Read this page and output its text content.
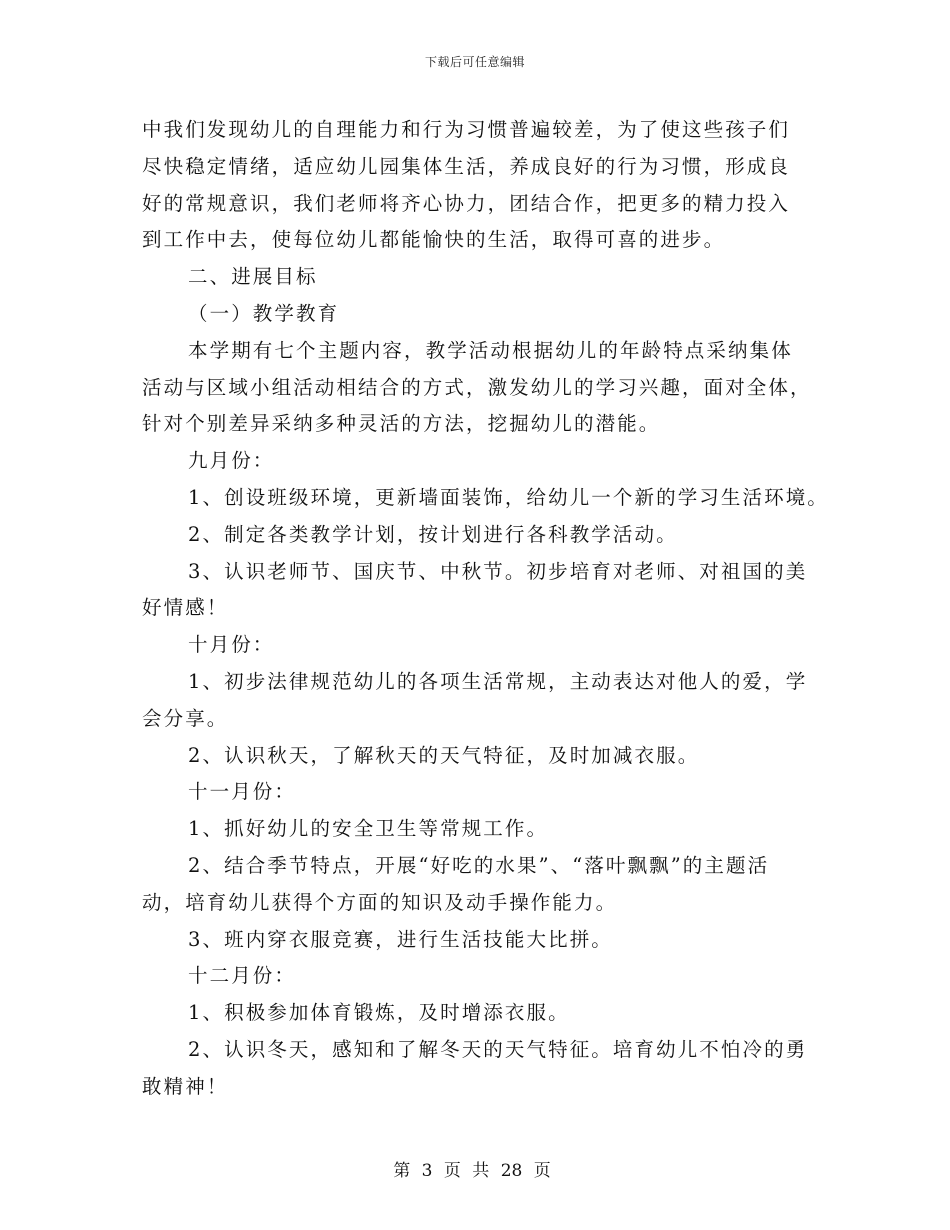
下载后可任意编辑
中我们发现幼儿的自理能力和行为习惯普遍较差，为了使这些孩子们
尽快稳定情绪，适应幼儿园集体生活，养成良好的行为习惯，形成良
好的常规意识，我们老师将齐心协力，团结合作，把更多的精力投入
到工作中去，使每位幼儿都能愉快的生活，取得可喜的进步。
二、进展目标
（一）教学教育
本学期有七个主题内容，教学活动根据幼儿的年龄特点采纳集体
活动与区域小组活动相结合的方式，激发幼儿的学习兴趣，面对全体，
针对个别差异采纳多种灵活的方法，挖掘幼儿的潜能。
九月份：
1、创设班级环境，更新墙面装饰，给幼儿一个新的学习生活环境。
2、制定各类教学计划，按计划进行各科教学活动。
3、认识老师节、国庆节、中秋节。初步培育对老师、对祖国的美
好情感！
十月份：
1、初步法律规范幼儿的各项生活常规，主动表达对他人的爱，学
会分享。
2、认识秋天，了解秋天的天气特征，及时加减衣服。
十一月份：
1、抓好幼儿的安全卫生等常规工作。
2、结合季节特点，开展“好吃的水果”、“落叶飘飘”的主题活
动，培育幼儿获得个方面的知识及动手操作能力。
3、班内穿衣服竞赛，进行生活技能大比拼。
十二月份：
1、积极参加体育锻炼，及时增添衣服。
2、认识冬天，感知和了解冬天的天气特征。培育幼儿不怕冷的勇
敢精神！
第 3 页 共 28 页
